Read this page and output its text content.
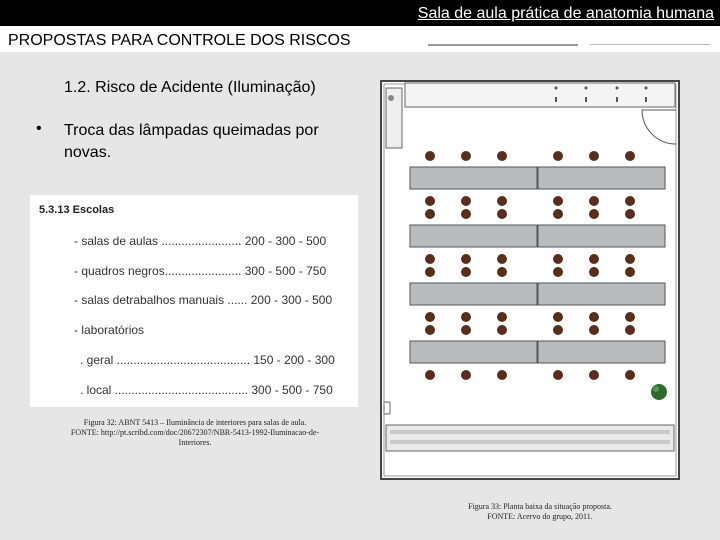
Sala de aula prática de anatomia humana
PROPOSTAS PARA CONTROLE DOS RISCOS
1.2. Risco de Acidente (Iluminação)
• Troca das lâmpadas queimadas por novas.
5.3.13 Escolas
- salas de aulas ........................ 200 - 300 - 500
- quadros negros....................... 300 - 500 - 750
- salas detrabalhos manuais ...... 200 - 300 - 500
- laboratórios
. geral ........................................ 150 - 200 - 300
. local ........................................ 300 - 500 - 750
Figura 32: ABNT 5413 – Iluminância de interiores para salas de aula.
FONTE: http://pt.scribd.com/doc/20672307/NBR-5413-1992-Iluminacao-de-
Interiores.
Figura 33: Planta baixa da situação proposta.
FONTE: Acervo do grupo, 2011.
